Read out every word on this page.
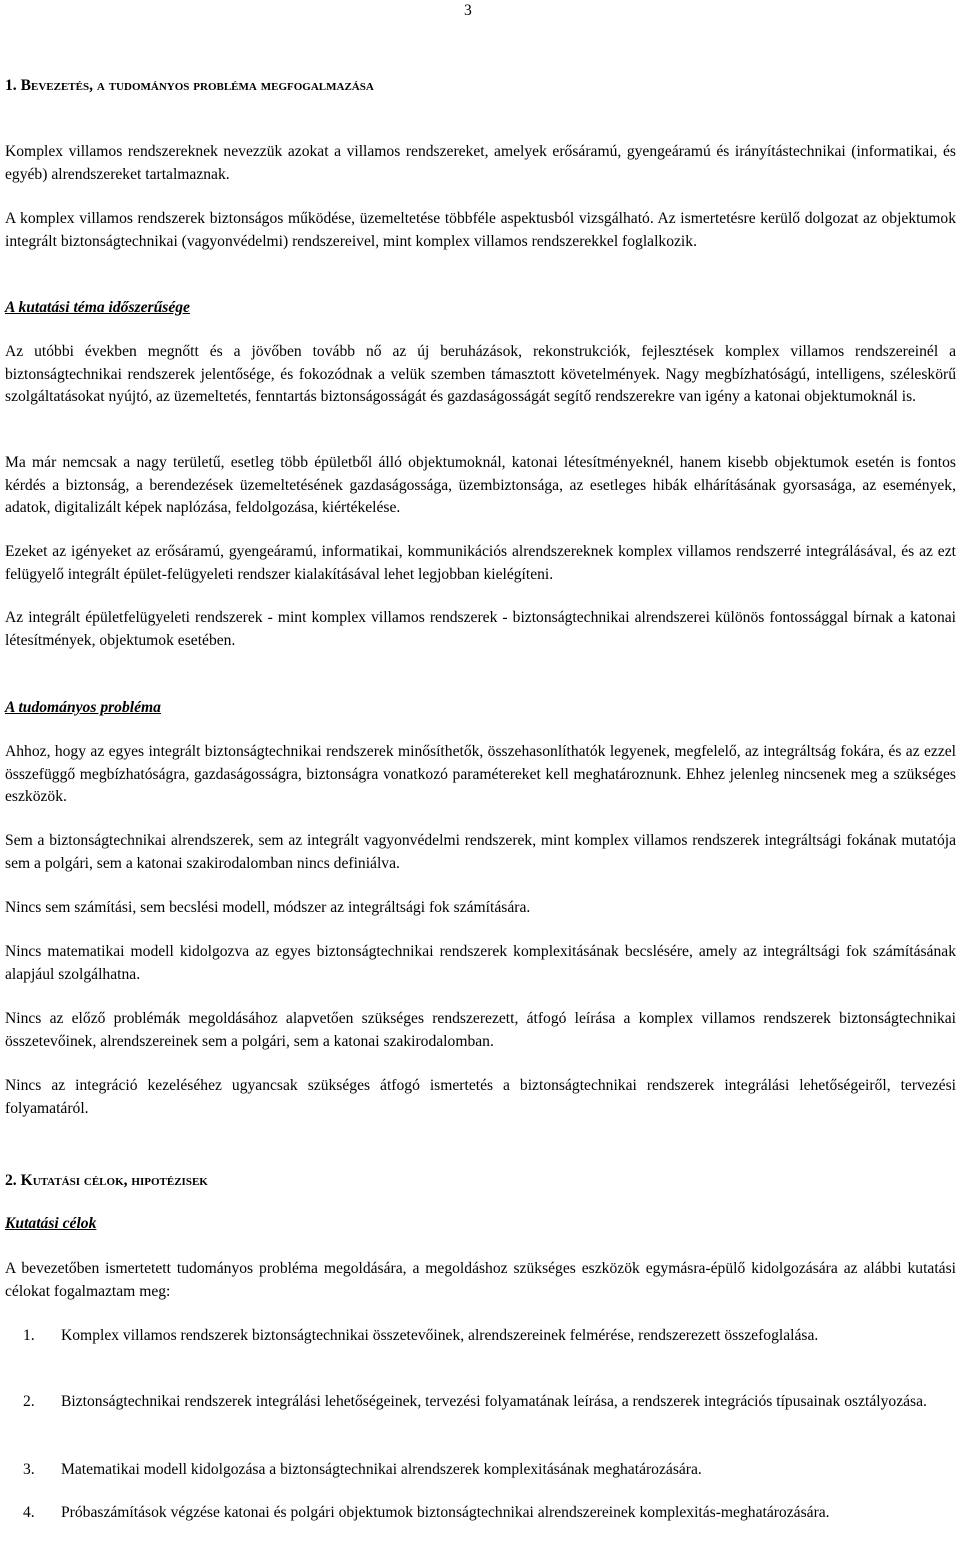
3
1. Bevezetés, a tudományos probléma megfogalmazása

Komplex villamos rendszereknek nevezzük azokat a villamos rendszereket, amelyek erősáramú, gyengeáramú és irányítástechnikai (informatikai, és egyéb) alrendszereket tartalmaznak.

A komplex villamos rendszerek biztonságos működése, üzemeltetése többféle aspektusból vizsgálható. Az ismertetésre kerülő dolgozat az objektumok integrált biztonságtechnikai (vagyonvédelmi) rendszereivel, mint komplex villamos rendszerekkel foglalkozik.

A kutatási téma időszerűsége

Az utóbbi években megnőtt és a jövőben tovább nő az új beruházások, rekonstrukciók, fejlesztések komplex villamos rendszereinél a biztonságtechnikai rendszerek jelentősége, és fokozódnak a velük szemben támasztott követelmények. Nagy megbízhatóságú, intelligens, széleskörű szolgáltatásokat nyújtó, az üzemeltetés, fenntartás biztonságosságát és gazdaságosságát segítő rendszerekre van igény a katonai objektumoknál is.

Ma már nemcsak a nagy területű, esetleg több épületből álló objektumoknál, katonai létesítményeknél, hanem kisebb objektumok esetén is fontos kérdés a biztonság, a berendezések üzemeltetésének gazdaságossága, üzembiztonsága, az esetleges hibák elhárításának gyorsasága, az események, adatok, digitalizált képek naplózása, feldolgozása, kiértékelése.

Ezeket az igényeket az erősáramú, gyengeáramú, informatikai, kommunikációs alrendszereknek komplex villamos rendszerré integrálásával, és az ezt felügyelő integrált épület-felügyeleti rendszer kialakításával lehet legjobban kielégíteni.

Az integrált épületfelügyeleti rendszerek - mint komplex villamos rendszerek - biztonságtechnikai alrendszerei különös fontossággal bírnak a katonai létesítmények, objektumok esetében.

A tudományos probléma

Ahhoz, hogy az egyes integrált biztonságtechnikai rendszerek minősíthetők, összehasonlíthatók legyenek, megfelelő, az integráltság fokára, és az ezzel összefüggő megbízhatóságra, gazdaságosságra, biztonságra vonatkozó paramétereket kell meghatároznunk. Ehhez jelenleg nincsenek meg a szükséges eszközök.

Sem a biztonságtechnikai alrendszerek, sem az integrált vagyonvédelmi rendszerek, mint komplex villamos rendszerek integráltsági fokának mutatója sem a polgári, sem a katonai szakirodalomban nincs definiálva.

Nincs sem számítási, sem becslési modell, módszer az integráltsági fok számítására.

Nincs matematikai modell kidolgozva az egyes biztonságtechnikai rendszerek komplexitásának becslésére, amely az integráltsági fok számításának alapjául szolgálhatna.

Nincs az előző problémák megoldásához alapvetően szükséges rendszerezett, átfogó leírása a komplex villamos rendszerek biztonságtechnikai összetevőinek, alrendszereinek sem a polgári, sem a katonai szakirodalomban.

Nincs az integráció kezeléséhez ugyancsak szükséges átfogó ismertetés a biztonságtechnikai rendszerek integrálási lehetőségeiről, tervezési folyamatáról.

2. Kutatási célok, hipotézisek
Kutatási célok

A bevezetőben ismertetett tudományos probléma megoldására, a megoldáshoz szükséges eszközök egymásra-épülő kidolgozására az alábbi kutatási célokat fogalmaztam meg:

1.	Komplex villamos rendszerek biztonságtechnikai összetevőinek, alrendszereinek felmérése, rendszerezett összefoglalása.
2.	Biztonságtechnikai rendszerek integrálási lehetőségeinek, tervezési folyamatának leírása, a rendszerek integrációs típusainak osztályozása.
3.	Matematikai modell kidolgozása a biztonságtechnikai alrendszerek komplexitásának meghatározására.
4.	Próbaszámítások végzése katonai és polgári objektumok biztonságtechnikai alrendszereinek komplexitás-meghatározására.
